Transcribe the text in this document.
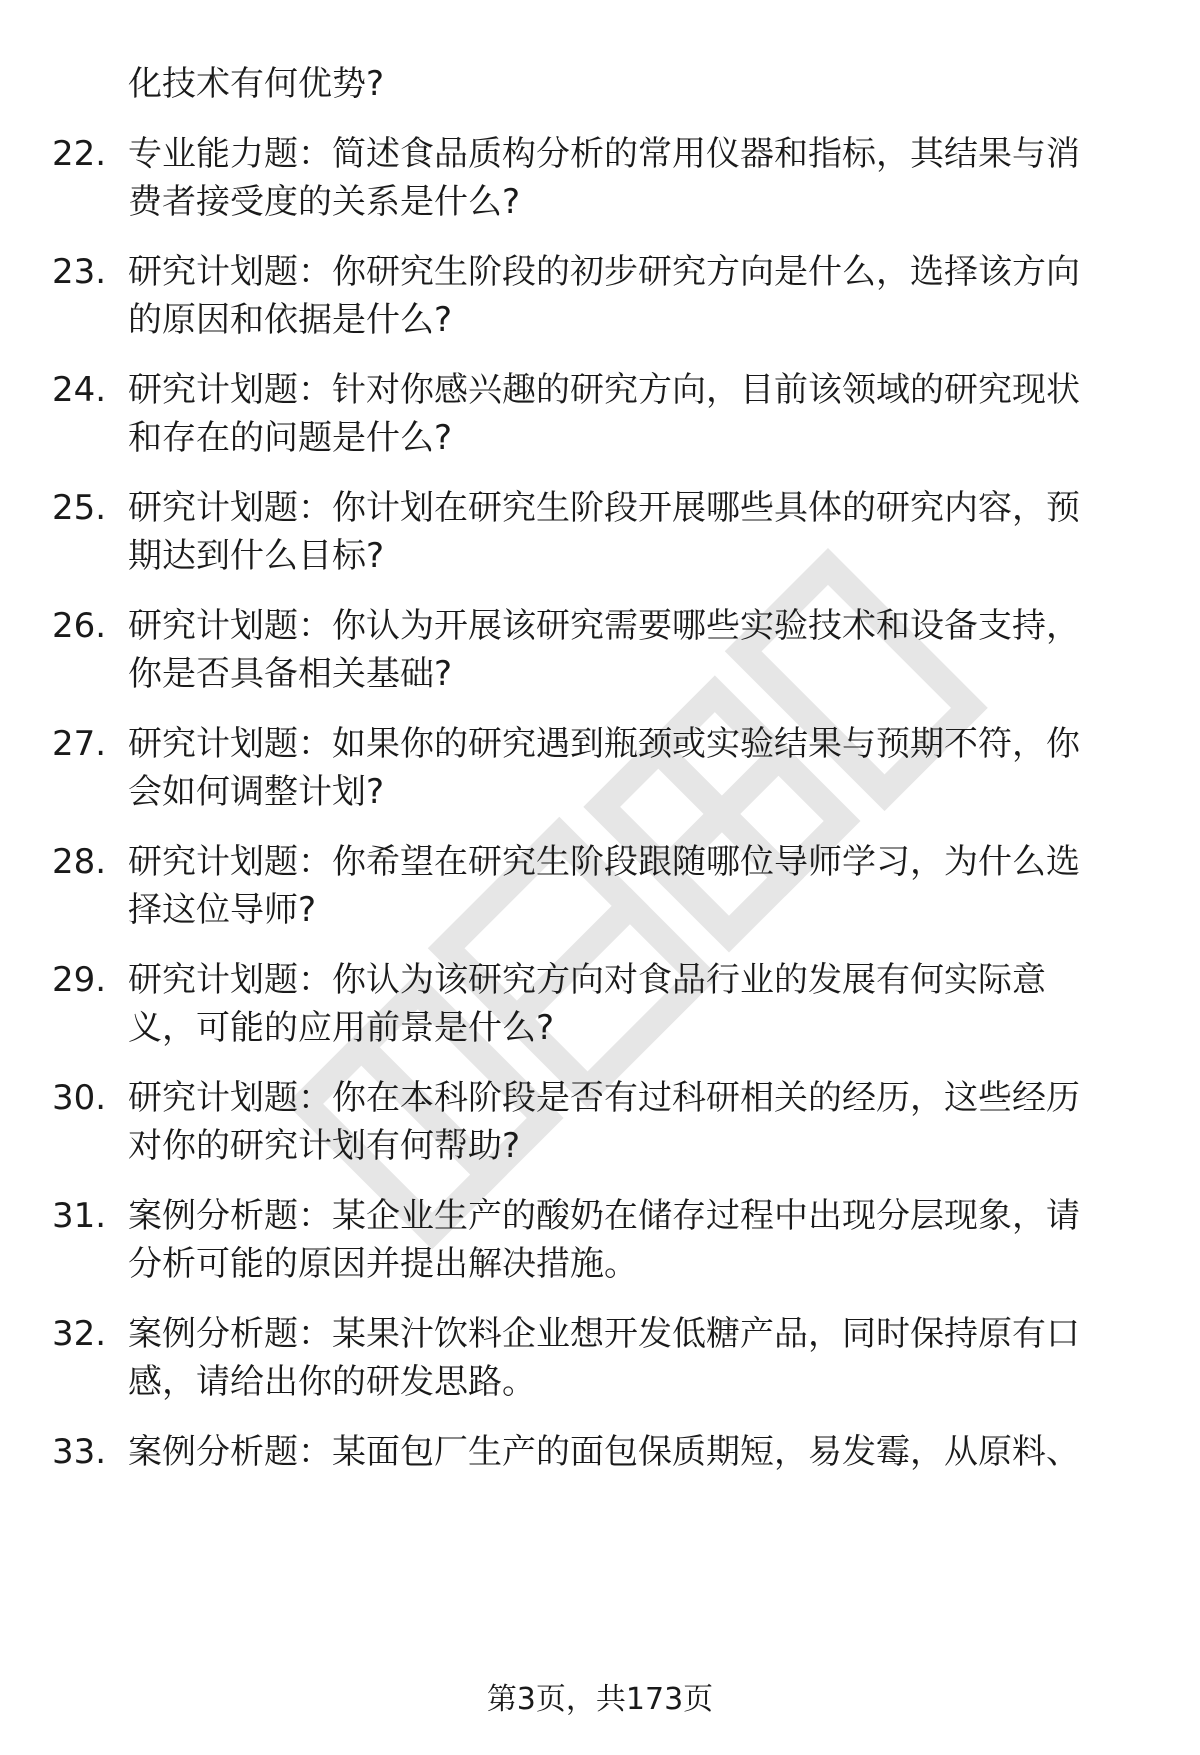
化技术有何优势?
22. 专业能力题：简述食品质构分析的常用仪器和指标，其结果与消
费者接受度的关系是什么?
23. 研究计划题：你研究生阶段的初步研究方向是什么，选择该方向
的原因和依据是什么?
24. 研究计划题：针对你感兴趣的研究方向，目前该领域的研究现状
和存在的问题是什么?
25. 研究计划题：你计划在研究生阶段开展哪些具体的研究内容，预
期达到什么目标?
26. 研究计划题：你认为开展该研究需要哪些实验技术和设备支持，
你是否具备相关基础?
27. 研究计划题：如果你的研究遇到瓶颈或实验结果与预期不符，你
会如何调整计划?
28. 研究计划题：你希望在研究生阶段跟随哪位导师学习，为什么选
择这位导师?
29. 研究计划题：你认为该研究方向对食品行业的发展有何实际意
义，可能的应用前景是什么?
30. 研究计划题：你在本科阶段是否有过科研相关的经历，这些经历
对你的研究计划有何帮助?
31. 案例分析题：某企业生产的酸奶在储存过程中出现分层现象，请
分析可能的原因并提出解决措施。
32. 案例分析题：某果汁饮料企业想开发低糖产品，同时保持原有口
感，请给出你的研发思路。
33. 案例分析题：某面包厂生产的面包保质期短，易发霉，从原料、
第3页，共173页
